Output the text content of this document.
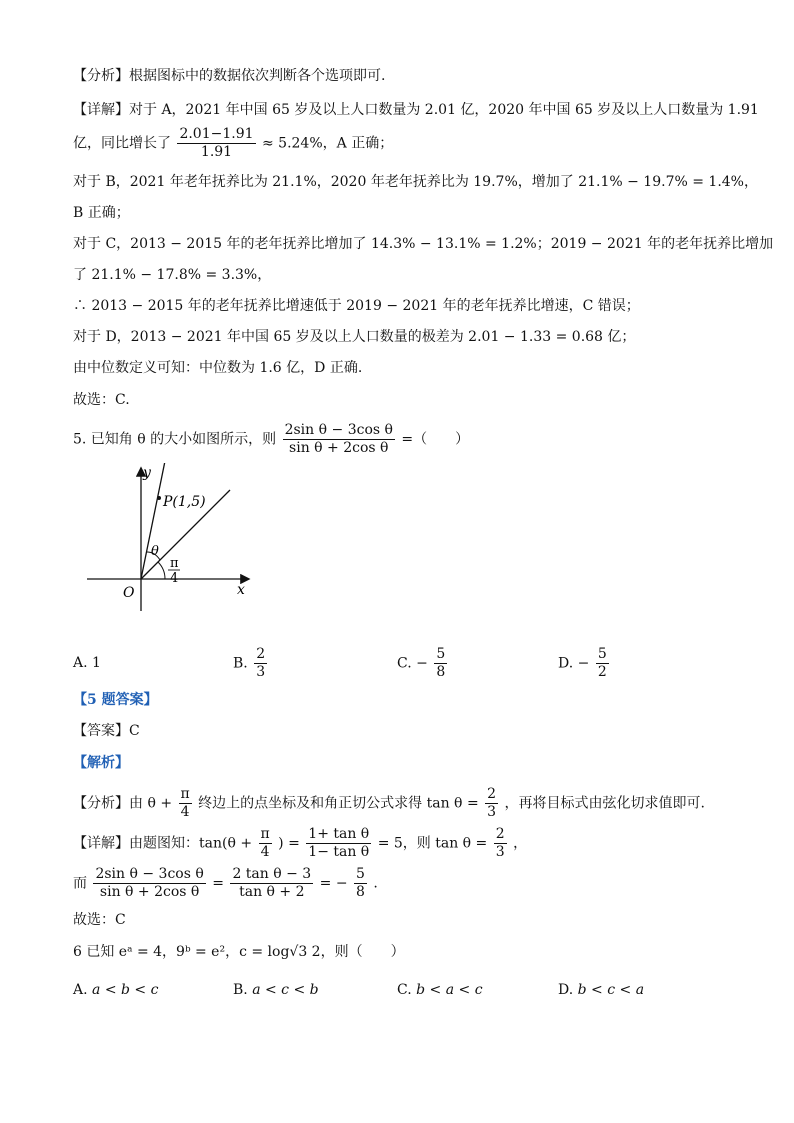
【分析】根据图标中的数据依次判断各个选项即可.
【详解】对于 A，2021 年中国 65 岁及以上人口数量为 2.01 亿，2020 年中国 65 岁及以上人口数量为 1.91
亿，同比增长了 $\frac{2.01-1.91}{1.91} \approx 5.24\%$，A 正确；
对于 B，2021 年老年抚养比为 21.1%，2020 年老年抚养比为 19.7%，增加了 21.1% − 19.7% = 1.4%，
B 正确；
对于 C，2013 − 2015 年的老年抚养比增加了 14.3% − 13.1% = 1.2%；2019 − 2021 年的老年抚养比增加
了 21.1% − 17.8% = 3.3%，
∴ 2013 − 2015 年的老年抚养比增速低于 2019 − 2021 年的老年抚养比增速，C 错误；
对于 D，2013 − 2021 年中国 65 岁及以上人口数量的极差为 2.01 − 1.33 = 0.68 亿；
由中位数定义可知：中位数为 1.6 亿，D 正确.
故选：C.
5. 已知角 θ 的大小如图所示，则 $\frac{\text{2sin θ − 3cos θ}}{\text{sin θ + 2cos θ}}$ =（　　）
y
x
O
P(1,5)
θ
π
4
A. 1	B. $\frac{2}{3}$	C. − $\frac{5}{8}$	D. − $\frac{5}{2}$
【5 题答案】
【答案】C
【解析】
【分析】由 $\theta + \frac{\pi}{4}$ 终边上的点坐标及和角正切公式求得 $\tan \theta = \frac{2}{3}$ ，再将目标式由弦化切求值即可.
【详解】由题图知：$\tan(\theta + \frac{\pi}{4}$ ) = $\frac{\text{1+ tan θ}}{\text{1− tan θ}} = 5$，则 $\tan \theta = \frac{2}{3}$ ，
而 $\frac{\text{2sin θ − 3cos θ}}{\text{sin θ + 2cos θ}} = \frac{\text{2 tan θ − 3}}{\text{tan θ + 2}}$ = − $\frac{5}{8}$ .
故选：C
6 已知 eᵃ = 4，9ᵇ = e²，c = log√3 2，则（　　）
A. a < b < c	B. a < c < b	C. b < a < c	D. b < c < a
